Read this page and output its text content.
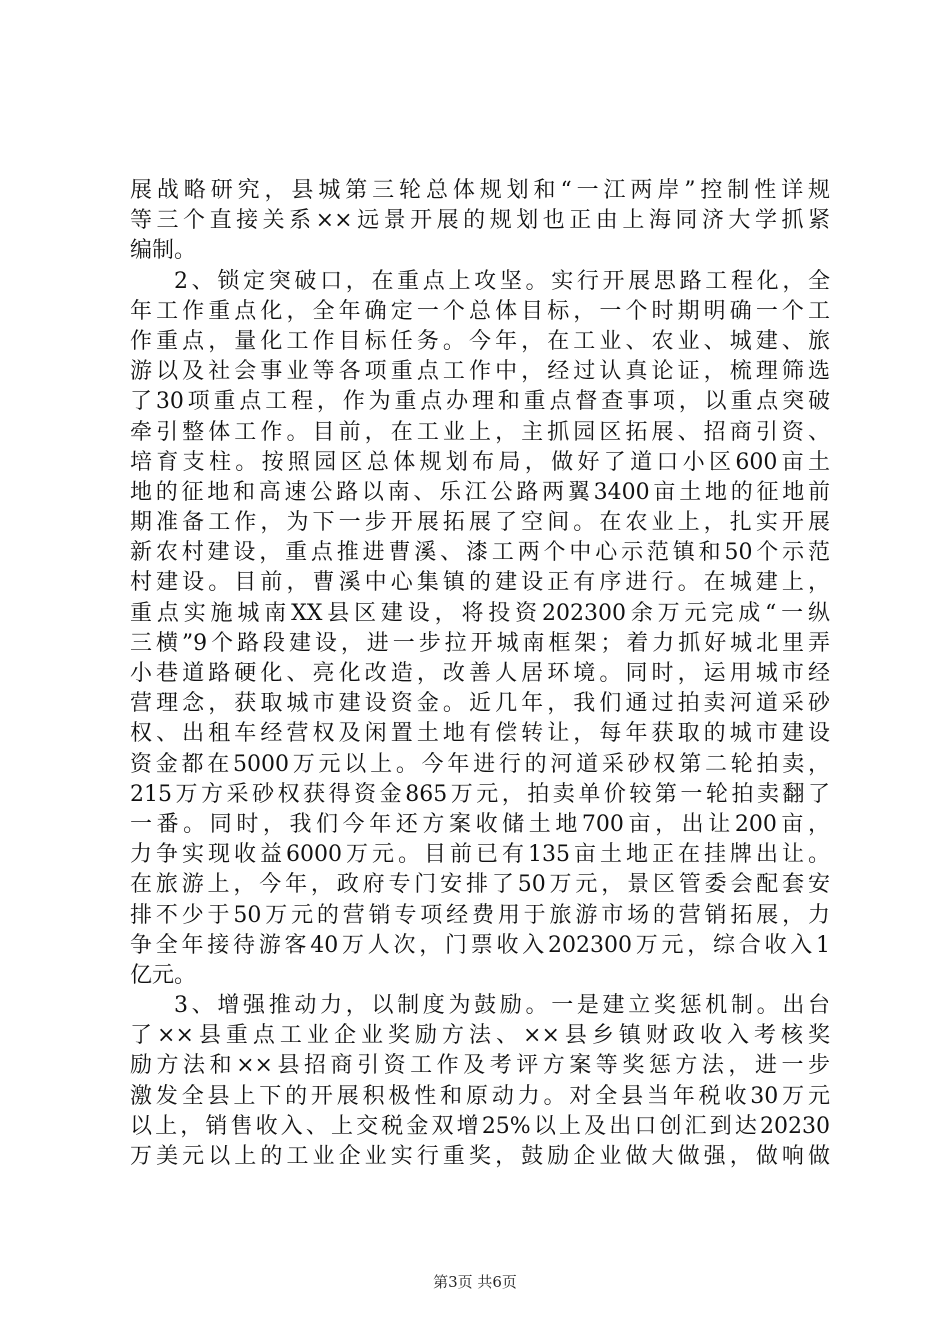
展战略研究，县城第三轮总体规划和“一江两岸”控制性详规
等三个直接关系××远景开展的规划也正由上海同济大学抓紧
编制。
2、锁定突破口，在重点上攻坚。实行开展思路工程化，全
年工作重点化，全年确定一个总体目标，一个时期明确一个工
作重点，量化工作目标任务。今年，在工业、农业、城建、旅
游以及社会事业等各项重点工作中，经过认真论证，梳理筛选
了30项重点工程，作为重点办理和重点督查事项，以重点突破
牵引整体工作。目前，在工业上，主抓园区拓展、招商引资、
培育支柱。按照园区总体规划布局，做好了道口小区600亩土
地的征地和高速公路以南、乐江公路两翼3400亩土地的征地前
期准备工作，为下一步开展拓展了空间。在农业上，扎实开展
新农村建设，重点推进曹溪、漆工两个中心示范镇和50个示范
村建设。目前，曹溪中心集镇的建设正有序进行。在城建上，
重点实施城南XX县区建设，将投资202300余万元完成“一纵
三横”9个路段建设，进一步拉开城南框架；着力抓好城北里弄
小巷道路硬化、亮化改造，改善人居环境。同时，运用城市经
营理念，获取城市建设资金。近几年，我们通过拍卖河道采砂
权、出租车经营权及闲置土地有偿转让，每年获取的城市建设
资金都在5000万元以上。今年进行的河道采砂权第二轮拍卖，
215万方采砂权获得资金865万元，拍卖单价较第一轮拍卖翻了
一番。同时，我们今年还方案收储土地700亩，出让200亩，
力争实现收益6000万元。目前已有135亩土地正在挂牌出让。
在旅游上，今年，政府专门安排了50万元，景区管委会配套安
排不少于50万元的营销专项经费用于旅游市场的营销拓展，力
争全年接待游客40万人次，门票收入202300万元，综合收入1
亿元。
3、增强推动力，以制度为鼓励。一是建立奖惩机制。出台
了××县重点工业企业奖励方法、××县乡镇财政收入考核奖
励方法和××县招商引资工作及考评方案等奖惩方法，进一步
激发全县上下的开展积极性和原动力。对全县当年税收30万元
以上，销售收入、上交税金双增25%以上及出口创汇到达20230
万美元以上的工业企业实行重奖，鼓励企业做大做强，做响做
第3页 共6页
